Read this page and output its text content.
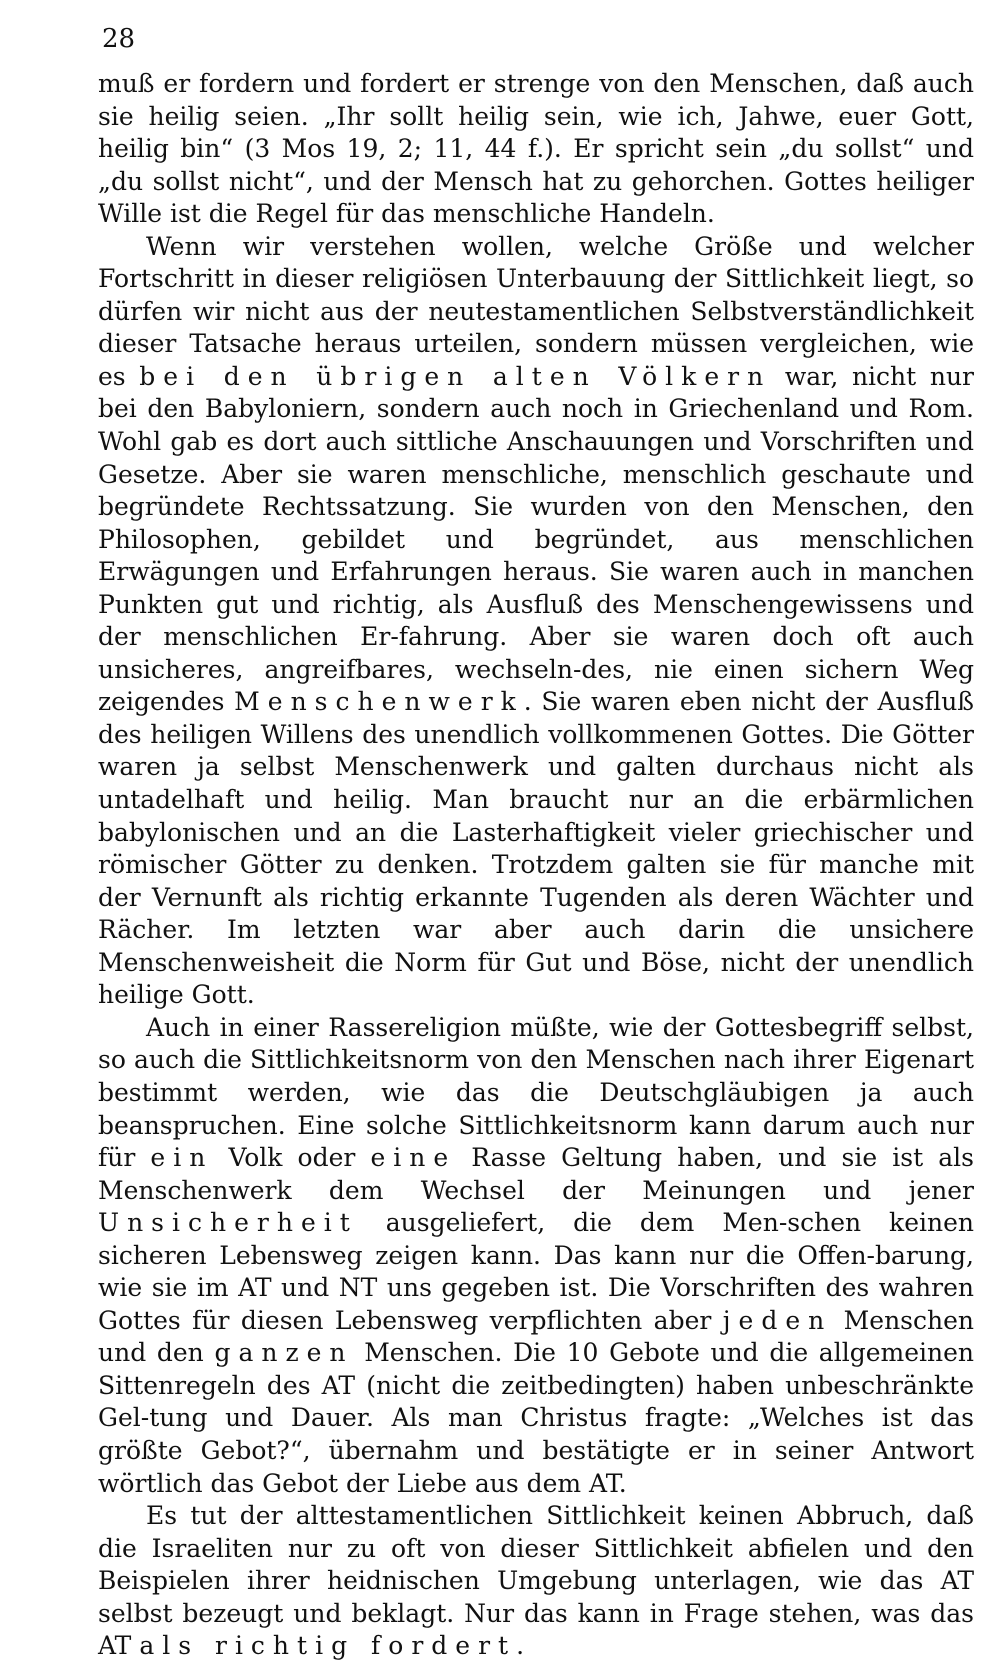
28

muß er fordern und fordert er strenge von den Menschen, daß auch sie heilig seien. „Ihr sollt heilig sein, wie ich, Jahwe, euer Gott, heilig bin“ (3 Mos 19, 2; 11, 44 f.). Er spricht sein „du sollst“ und „du sollst nicht“, und der Mensch hat zu gehorchen. Gottes heiliger Wille ist die Regel für das menschliche Handeln.

Wenn wir verstehen wollen, welche Größe und welcher Fortschritt in dieser religiösen Unterbauung der Sittlichkeit liegt, so dürfen wir nicht aus der neutestamentlichen Selbstverständlichkeit dieser Tatsache heraus urteilen, sondern müssen vergleichen, wie es bei den übrigen alten Völkern war, nicht nur bei den Babyloniern, sondern auch noch in Griechenland und Rom. Wohl gab es dort auch sittliche Anschauungen und Vorschriften und Gesetze. Aber sie waren menschliche, menschlich geschaute und begründete Rechtssatzung. Sie wurden von den Menschen, den Philosophen, gebildet und begründet, aus menschlichen Erwägungen und Erfahrungen heraus. Sie waren auch in manchen Punkten gut und richtig, als Ausfluß des Menschengewissens und der menschlichen Er-fahrung. Aber sie waren doch oft auch unsicheres, angreifbares, wechseln-des, nie einen sichern Weg zeigendes Menschenwerk. Sie waren eben nicht der Ausfluß des heiligen Willens des unendlich vollkommenen Gottes. Die Götter waren ja selbst Menschenwerk und galten durchaus nicht als untadelhaft und heilig. Man braucht nur an die erbärmlichen babylonischen und an die Lasterhaftigkeit vieler griechischer und römischer Götter zu denken. Trotzdem galten sie für manche mit der Vernunft als richtig erkannte Tugenden als deren Wächter und Rächer. Im letzten war aber auch darin die unsichere Menschenweisheit die Norm für Gut und Böse, nicht der unendlich heilige Gott.

Auch in einer Rassereligion müßte, wie der Gottesbegriff selbst, so auch die Sittlichkeitsnorm von den Menschen nach ihrer Eigenart bestimmt werden, wie das die Deutschgläubigen ja auch beanspruchen. Eine solche Sittlichkeitsnorm kann darum auch nur für ein Volk oder eine Rasse Geltung haben, und sie ist als Menschenwerk dem Wechsel der Meinungen und jener Unsicherheit ausgeliefert, die dem Men-schen keinen sicheren Lebensweg zeigen kann. Das kann nur die Offen-barung, wie sie im AT und NT uns gegeben ist. Die Vorschriften des wahren Gottes für diesen Lebensweg verpflichten aber jeden Menschen und den ganzen Menschen. Die 10 Gebote und die allgemeinen Sittenregeln des AT (nicht die zeitbedingten) haben unbeschränkte Gel-tung und Dauer. Als man Christus fragte: „Welches ist das größte Gebot?“, übernahm und bestätigte er in seiner Antwort wörtlich das Gebot der Liebe aus dem AT.

Es tut der alttestamentlichen Sittlichkeit keinen Abbruch, daß die Israeliten nur zu oft von dieser Sittlichkeit abfielen und den Beispielen ihrer heidnischen Umgebung unterlagen, wie das AT selbst bezeugt und beklagt. Nur das kann in Frage stehen, was das AT als richtig fordert.
